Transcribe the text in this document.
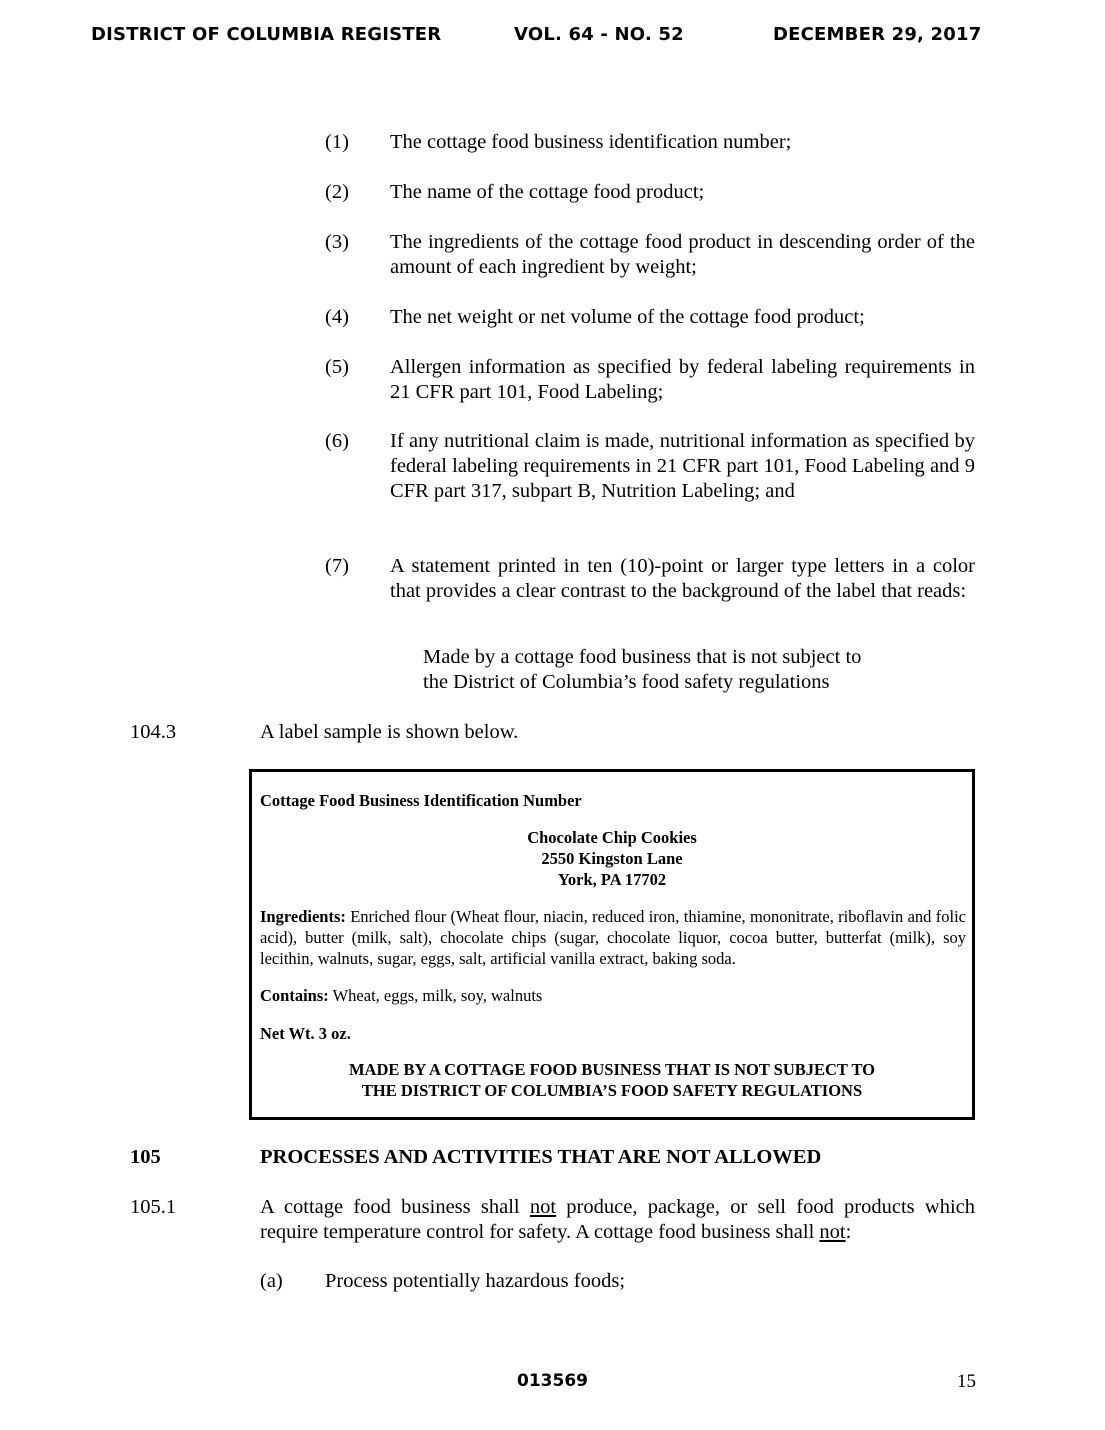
DISTRICT OF COLUMBIA REGISTER	VOL. 64 - NO. 52	DECEMBER 29, 2017
(1) The cottage food business identification number;
(2) The name of the cottage food product;
(3) The ingredients of the cottage food product in descending order of the amount of each ingredient by weight;
(4) The net weight or net volume of the cottage food product;
(5) Allergen information as specified by federal labeling requirements in 21 CFR part 101, Food Labeling;
(6) If any nutritional claim is made, nutritional information as specified by federal labeling requirements in 21 CFR part 101, Food Labeling and 9 CFR part 317, subpart B, Nutrition Labeling; and
(7) A statement printed in ten (10)-point or larger type letters in a color that provides a clear contrast to the background of the label that reads:
Made by a cottage food business that is not subject to
the District of Columbia’s food safety regulations
104.3	A label sample is shown below.
Cottage Food Business Identification Number
Chocolate Chip Cookies
2550 Kingston Lane
York, PA 17702
Ingredients: Enriched flour (Wheat flour, niacin, reduced iron, thiamine, mononitrate, riboflavin and folic acid), butter (milk, salt), chocolate chips (sugar, chocolate liquor, cocoa butter, butterfat (milk), soy lecithin, walnuts, sugar, eggs, salt, artificial vanilla extract, baking soda.
Contains: Wheat, eggs, milk, soy, walnuts
Net Wt. 3 oz.
MADE BY A COTTAGE FOOD BUSINESS THAT IS NOT SUBJECT TO
THE DISTRICT OF COLUMBIA’S FOOD SAFETY REGULATIONS
105	PROCESSES AND ACTIVITIES THAT ARE NOT ALLOWED
105.1	A cottage food business shall not produce, package, or sell food products which require temperature control for safety. A cottage food business shall not:
(a) Process potentially hazardous foods;
013569	15
